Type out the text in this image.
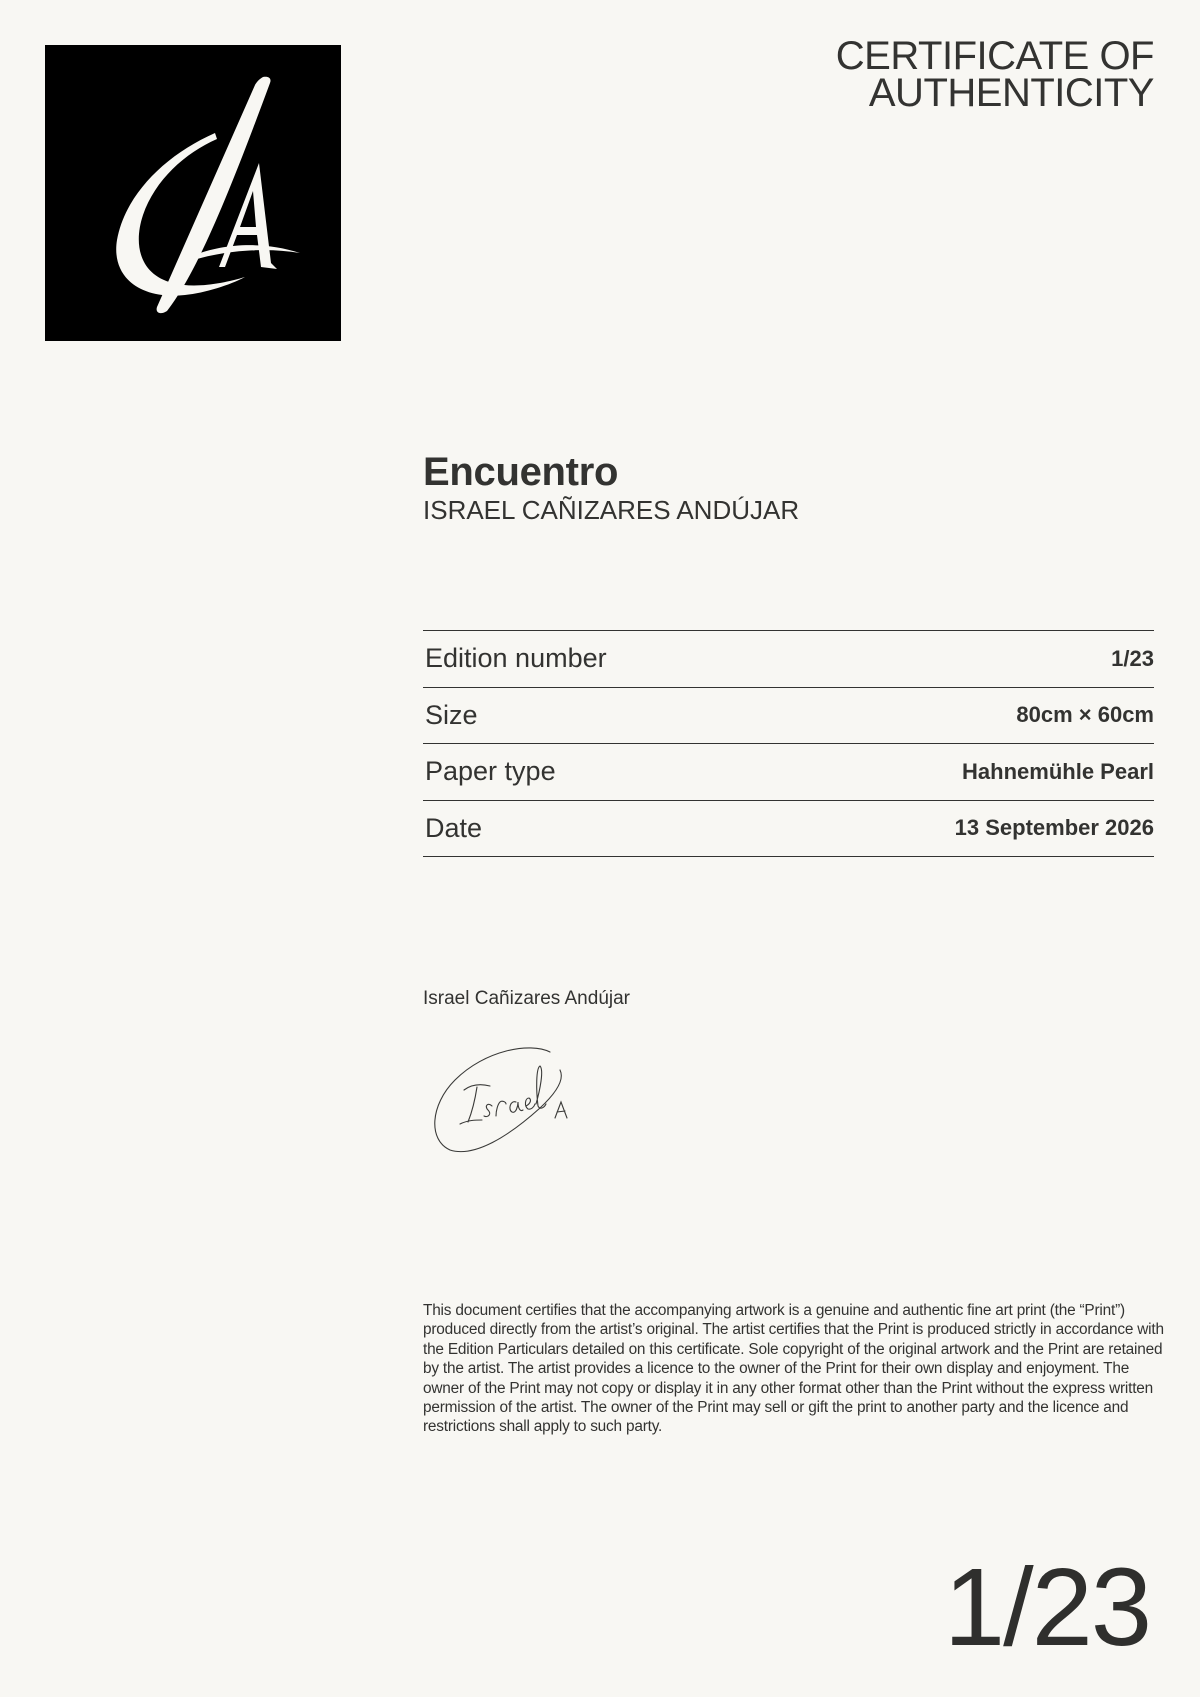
CERTIFICATE OF
AUTHENTICITY
Encuentro
ISRAEL CAÑIZARES ANDÚJAR
Edition number	1/23
Size	80cm × 60cm
Paper type	Hahnemühle Pearl
Date	13 September 2026
Israel Cañizares Andújar
This document certifies that the accompanying artwork is a genuine and authentic fine art print (the “Print”) produced directly from the artist’s original. The artist certifies that the Print is produced strictly in accordance with the Edition Particulars detailed on this certificate. Sole copyright of the original artwork and the Print are retained by the artist. The artist provides a licence to the owner of the Print for their own display and enjoyment. The owner of the Print may not copy or display it in any other format other than the Print without the express written permission of the artist. The owner of the Print may sell or gift the print to another party and the licence and restrictions shall apply to such party.
1/23
